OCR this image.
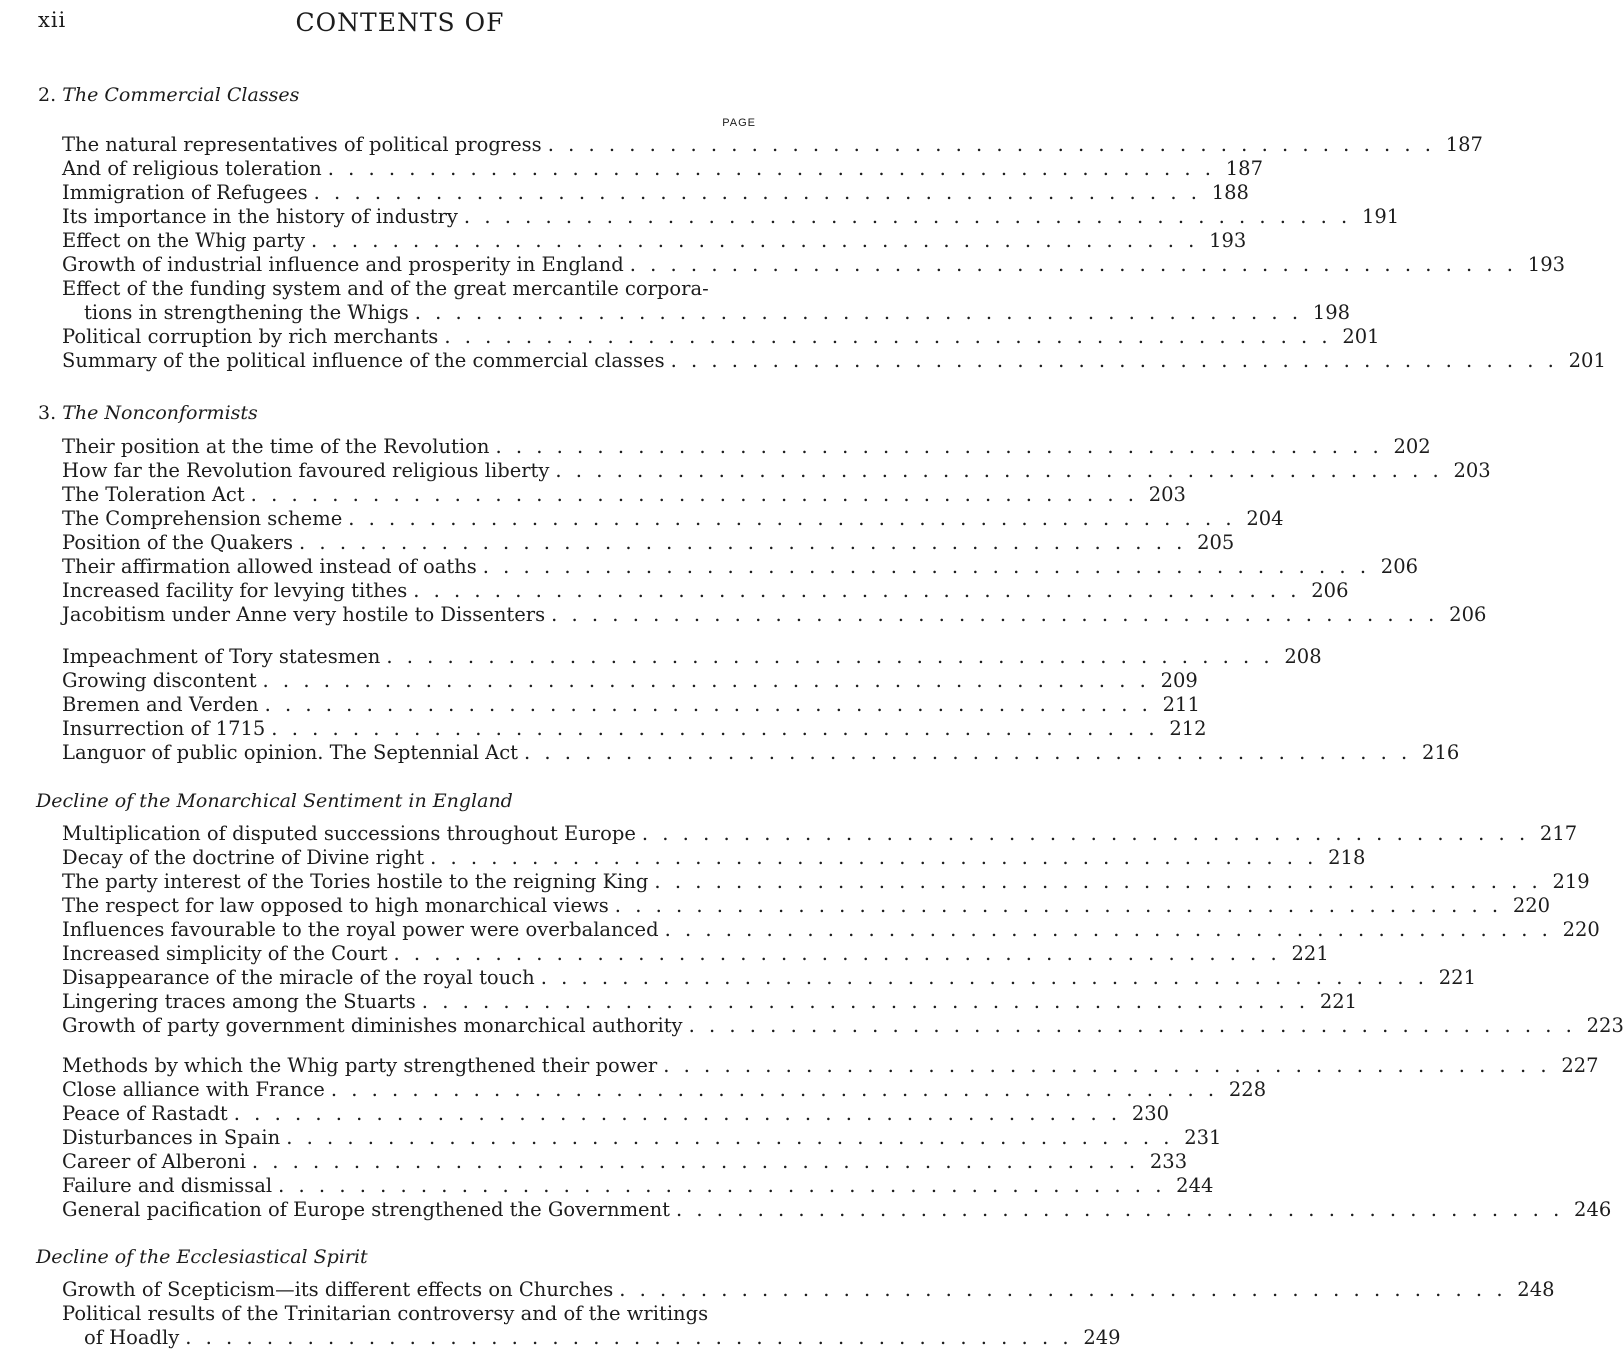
xii	CONTENTS OF
2. The Commercial Classes
PAGE
The natural representatives of political progress . . . . . . . . . . . . . . . . . . . . . . . . . . . . . . . . . . . . . . . . . . . . 187
And of religious toleration . . . . . . . . . . . . . . . . . . . . . . . . . . . . . . . . . . . . . . . . . . . . 187
Immigration of Refugees . . . . . . . . . . . . . . . . . . . . . . . . . . . . . . . . . . . . . . . . . . . . 188
Its importance in the history of industry . . . . . . . . . . . . . . . . . . . . . . . . . . . . . . . . . . . . . . . . . . . . 191
Effect on the Whig party . . . . . . . . . . . . . . . . . . . . . . . . . . . . . . . . . . . . . . . . . . . . 193
Growth of industrial influence and prosperity in England . . . . . . . . . . . . . . . . . . . . . . . . . . . . . . . . . . . . . . . . . . . . 193
Effect of the funding system and of the great mercantile corpora-
tions in strengthening the Whigs . . . . . . . . . . . . . . . . . . . . . . . . . . . . . . . . . . . . . . . . . . . . 198
Political corruption by rich merchants . . . . . . . . . . . . . . . . . . . . . . . . . . . . . . . . . . . . . . . . . . . . 201
Summary of the political influence of the commercial classes . . . . . . . . . . . . . . . . . . . . . . . . . . . . . . . . . . . . . . . . . . . . 201
3. The Nonconformists
Their position at the time of the Revolution . . . . . . . . . . . . . . . . . . . . . . . . . . . . . . . . . . . . . . . . . . . . 202
How far the Revolution favoured religious liberty . . . . . . . . . . . . . . . . . . . . . . . . . . . . . . . . . . . . . . . . . . . . 203
The Toleration Act . . . . . . . . . . . . . . . . . . . . . . . . . . . . . . . . . . . . . . . . . . . . 203
The Comprehension scheme . . . . . . . . . . . . . . . . . . . . . . . . . . . . . . . . . . . . . . . . . . . . 204
Position of the Quakers . . . . . . . . . . . . . . . . . . . . . . . . . . . . . . . . . . . . . . . . . . . . 205
Their affirmation allowed instead of oaths . . . . . . . . . . . . . . . . . . . . . . . . . . . . . . . . . . . . . . . . . . . . 206
Increased facility for levying tithes . . . . . . . . . . . . . . . . . . . . . . . . . . . . . . . . . . . . . . . . . . . . 206
Jacobitism under Anne very hostile to Dissenters . . . . . . . . . . . . . . . . . . . . . . . . . . . . . . . . . . . . . . . . . . . . 206
Impeachment of Tory statesmen . . . . . . . . . . . . . . . . . . . . . . . . . . . . . . . . . . . . . . . . . . . . 208
Growing discontent . . . . . . . . . . . . . . . . . . . . . . . . . . . . . . . . . . . . . . . . . . . . 209
Bremen and Verden . . . . . . . . . . . . . . . . . . . . . . . . . . . . . . . . . . . . . . . . . . . . 211
Insurrection of 1715 . . . . . . . . . . . . . . . . . . . . . . . . . . . . . . . . . . . . . . . . . . . . 212
Languor of public opinion. The Septennial Act . . . . . . . . . . . . . . . . . . . . . . . . . . . . . . . . . . . . . . . . . . . . 216
Decline of the Monarchical Sentiment in England
Multiplication of disputed successions throughout Europe . . . . . . . . . . . . . . . . . . . . . . . . . . . . . . . . . . . . . . . . . . . . 217
Decay of the doctrine of Divine right . . . . . . . . . . . . . . . . . . . . . . . . . . . . . . . . . . . . . . . . . . . . 218
The party interest of the Tories hostile to the reigning King . . . . . . . . . . . . . . . . . . . . . . . . . . . . . . . . . . . . . . . . . . . . 219
The respect for law opposed to high monarchical views . . . . . . . . . . . . . . . . . . . . . . . . . . . . . . . . . . . . . . . . . . . . 220
Influences favourable to the royal power were overbalanced . . . . . . . . . . . . . . . . . . . . . . . . . . . . . . . . . . . . . . . . . . . . 220
Increased simplicity of the Court . . . . . . . . . . . . . . . . . . . . . . . . . . . . . . . . . . . . . . . . . . . . 221
Disappearance of the miracle of the royal touch . . . . . . . . . . . . . . . . . . . . . . . . . . . . . . . . . . . . . . . . . . . . 221
Lingering traces among the Stuarts . . . . . . . . . . . . . . . . . . . . . . . . . . . . . . . . . . . . . . . . . . . . 221
Growth of party government diminishes monarchical authority . . . . . . . . . . . . . . . . . . . . . . . . . . . . . . . . . . . . . . . . . . . . 223
Methods by which the Whig party strengthened their power . . . . . . . . . . . . . . . . . . . . . . . . . . . . . . . . . . . . . . . . . . . . 227
Close alliance with France . . . . . . . . . . . . . . . . . . . . . . . . . . . . . . . . . . . . . . . . . . . . 228
Peace of Rastadt . . . . . . . . . . . . . . . . . . . . . . . . . . . . . . . . . . . . . . . . . . . . 230
Disturbances in Spain . . . . . . . . . . . . . . . . . . . . . . . . . . . . . . . . . . . . . . . . . . . . 231
Career of Alberoni . . . . . . . . . . . . . . . . . . . . . . . . . . . . . . . . . . . . . . . . . . . . 233
Failure and dismissal . . . . . . . . . . . . . . . . . . . . . . . . . . . . . . . . . . . . . . . . . . . . 244
General pacification of Europe strengthened the Government . . . . . . . . . . . . . . . . . . . . . . . . . . . . . . . . . . . . . . . . . . . . 246
Decline of the Ecclesiastical Spirit
Growth of Scepticism—its different effects on Churches . . . . . . . . . . . . . . . . . . . . . . . . . . . . . . . . . . . . . . . . . . . . 248
Political results of the Trinitarian controversy and of the writings
of Hoadly . . . . . . . . . . . . . . . . . . . . . . . . . . . . . . . . . . . . . . . . . . . . 249
